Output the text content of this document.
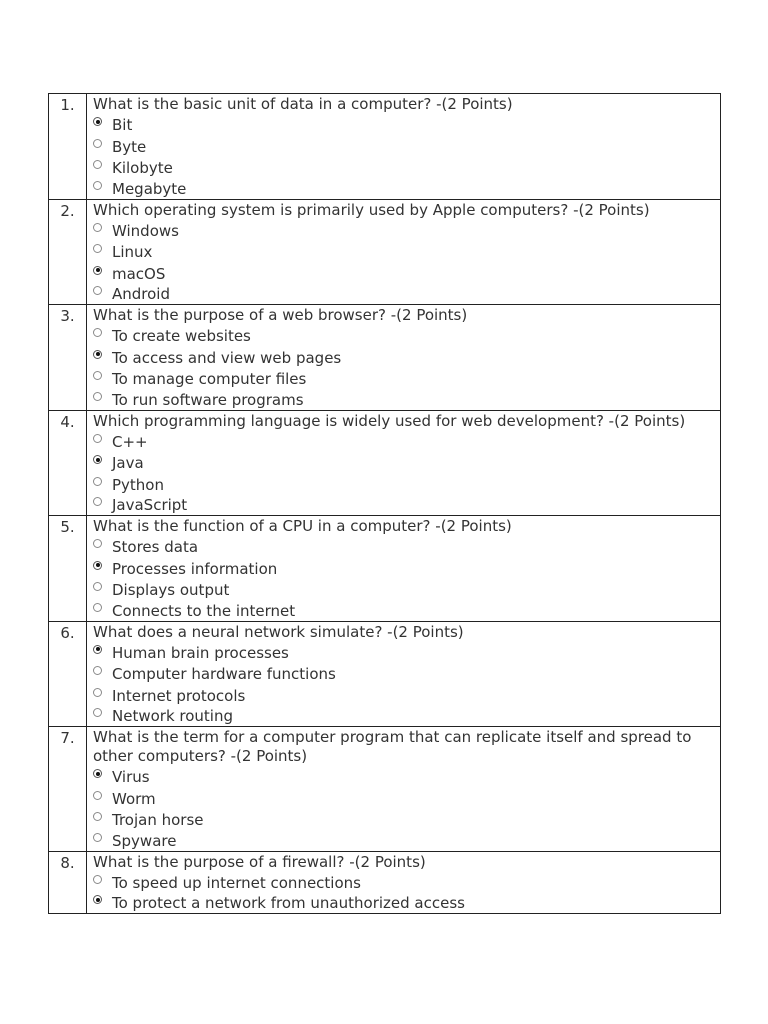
1.	What is the basic unit of data in a computer? -(2 Points)
Bit
Byte
Kilobyte
Megabyte

2.	Which operating system is primarily used by Apple computers? -(2 Points)
Windows
Linux
macOS
Android

3.	What is the purpose of a web browser? -(2 Points)
To create websites
To access and view web pages
To manage computer files
To run software programs

4.	Which programming language is widely used for web development? -(2 Points)
C++
Java
Python
JavaScript

5.	What is the function of a CPU in a computer? -(2 Points)
Stores data
Processes information
Displays output
Connects to the internet

6.	What does a neural network simulate? -(2 Points)
Human brain processes
Computer hardware functions
Internet protocols
Network routing

7.	What is the term for a computer program that can replicate itself and spread to other computers? -(2 Points)
Virus
Worm
Trojan horse
Spyware

8.	What is the purpose of a firewall? -(2 Points)
To speed up internet connections
To protect a network from unauthorized access
